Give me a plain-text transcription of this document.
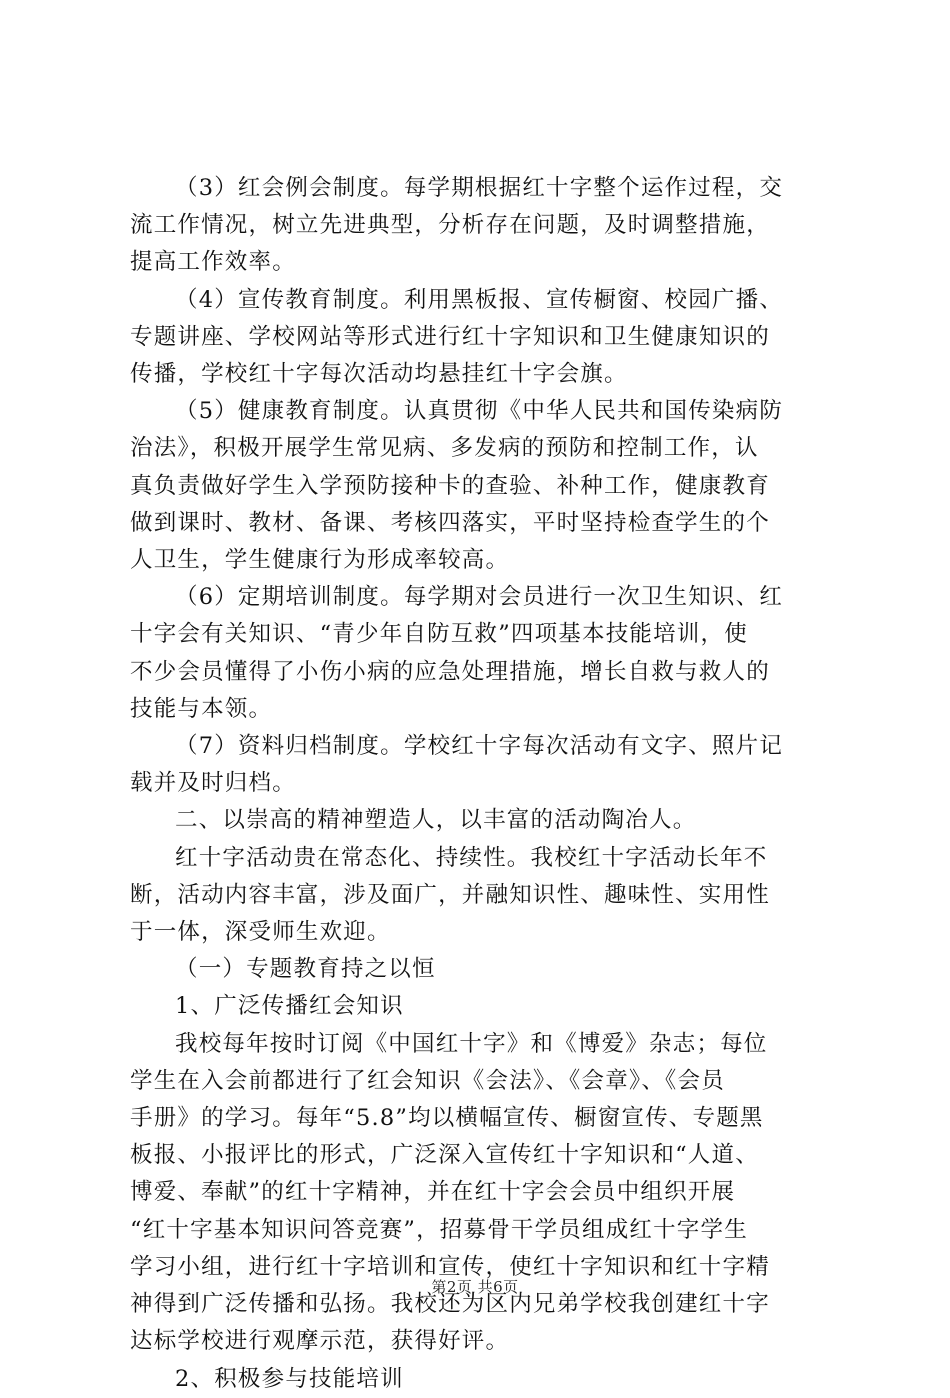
（3）红会例会制度。每学期根据红十字整个运作过程，交
流工作情况，树立先进典型，分析存在问题，及时调整措施，
提高工作效率。

（4）宣传教育制度。利用黑板报、宣传橱窗、校园广播、
专题讲座、学校网站等形式进行红十字知识和卫生健康知识的
传播，学校红十字每次活动均悬挂红十字会旗。

（5）健康教育制度。认真贯彻《中华人民共和国传染病防
治法》，积极开展学生常见病、多发病的预防和控制工作，认
真负责做好学生入学预防接种卡的查验、补种工作，健康教育
做到课时、教材、备课、考核四落实，平时坚持检查学生的个
人卫生，学生健康行为形成率较高。

（6）定期培训制度。每学期对会员进行一次卫生知识、红
十字会有关知识、“青少年自防互救”四项基本技能培训，使
不少会员懂得了小伤小病的应急处理措施，增长自救与救人的
技能与本领。

（7）资料归档制度。学校红十字每次活动有文字、照片记
载并及时归档。

二、以崇高的精神塑造人，以丰富的活动陶冶人。

红十字活动贵在常态化、持续性。我校红十字活动长年不
断，活动内容丰富，涉及面广，并融知识性、趣味性、实用性
于一体，深受师生欢迎。

（一）专题教育持之以恒

1、广泛传播红会知识

我校每年按时订阅《中国红十字》和《博爱》杂志；每位
学生在入会前都进行了红会知识《会法》、《会章》、《会员
手册》的学习。每年“5.8”均以横幅宣传、橱窗宣传、专题黑
板报、小报评比的形式，广泛深入宣传红十字知识和“人道、
博爱、奉献”的红十字精神，并在红十字会会员中组织开展
“红十字基本知识问答竞赛”，招募骨干学员组成红十字学生
学习小组，进行红十字培训和宣传，使红十字知识和红十字精
神得到广泛传播和弘扬。我校还为区内兄弟学校我创建红十字
达标学校进行观摩示范，获得好评。

2、积极参与技能培训

第2页 共6页
